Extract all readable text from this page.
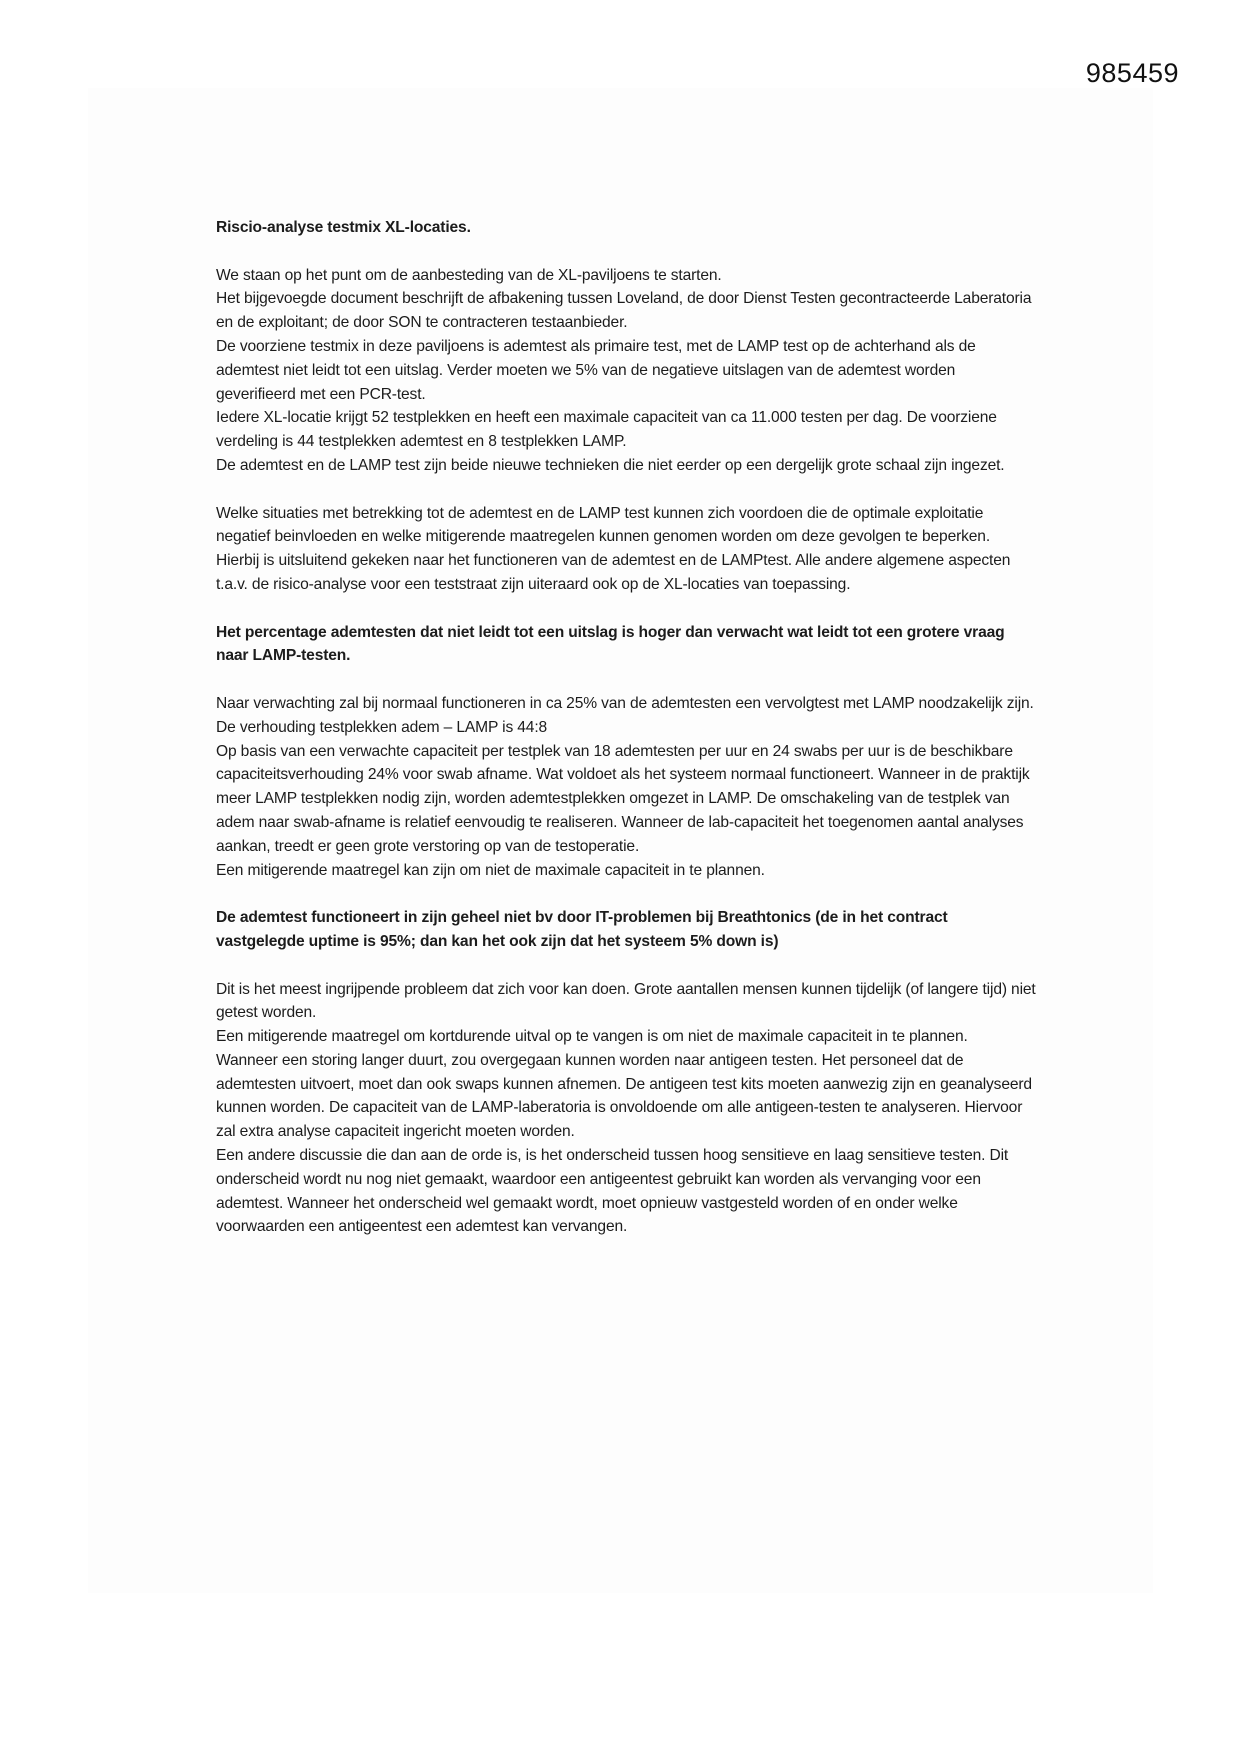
985459
Riscio-analyse testmix XL-locaties.
We staan op het punt om de aanbesteding van de XL-paviljoens te starten.
Het bijgevoegde document beschrijft de afbakening tussen Loveland, de door Dienst Testen gecontracteerde Laberatoria en de exploitant; de door SON te contracteren testaanbieder.
De voorziene testmix in deze paviljoens is ademtest als primaire test, met de LAMP test op de achterhand als de ademtest niet leidt tot een uitslag. Verder moeten we 5% van de negatieve uitslagen van de ademtest worden geverifieerd met een PCR-test.
Iedere XL-locatie krijgt 52 testplekken en heeft een maximale capaciteit van ca 11.000 testen per dag. De voorziene verdeling is 44 testplekken ademtest en 8 testplekken LAMP.
De ademtest en de LAMP test zijn beide nieuwe technieken die niet eerder op een dergelijk grote schaal zijn ingezet.
Welke situaties met betrekking tot de ademtest en de LAMP test kunnen zich voordoen die de optimale exploitatie negatief beinvloeden en welke mitigerende maatregelen kunnen genomen worden om deze gevolgen te beperken. Hierbij is uitsluitend gekeken naar het functioneren van de ademtest en de LAMPtest. Alle andere algemene aspecten t.a.v. de risico-analyse voor een teststraat zijn uiteraard ook op de XL-locaties van toepassing.
Het percentage ademtesten dat niet leidt tot een uitslag is hoger dan verwacht wat leidt tot een grotere vraag naar LAMP-testen.
Naar verwachting zal bij normaal functioneren in ca 25% van de ademtesten een vervolgtest met LAMP noodzakelijk zijn. De verhouding testplekken adem – LAMP is 44:8
Op basis van een verwachte capaciteit per testplek van 18 ademtesten per uur en 24 swabs per uur is de beschikbare capaciteitsverhouding 24% voor swab afname. Wat voldoet als het systeem normaal functioneert. Wanneer in de praktijk meer LAMP testplekken nodig zijn, worden ademtestplekken omgezet in LAMP. De omschakeling van de testplek van adem naar swab-afname is relatief eenvoudig te realiseren. Wanneer de lab-capaciteit het toegenomen aantal analyses aankan, treedt er geen grote verstoring op van de testoperatie.
Een mitigerende maatregel kan zijn om niet de maximale capaciteit in te plannen.
De ademtest functioneert in zijn geheel niet bv door IT-problemen bij Breathtonics (de in het contract vastgelegde uptime is 95%; dan kan het ook zijn dat het systeem 5% down is)
Dit is het meest ingrijpende probleem dat zich voor kan doen. Grote aantallen mensen kunnen tijdelijk (of langere tijd) niet getest worden.
Een mitigerende maatregel om kortdurende uitval op te vangen is om niet de maximale capaciteit in te plannen.
Wanneer een storing langer duurt, zou overgegaan kunnen worden naar antigeen testen. Het personeel dat de ademtesten uitvoert, moet dan ook swaps kunnen afnemen. De antigeen test kits moeten aanwezig zijn en geanalyseerd kunnen worden. De capaciteit van de LAMP-laberatoria is onvoldoende om alle antigeen-testen te analyseren. Hiervoor zal extra analyse capaciteit ingericht moeten worden.
Een andere discussie die dan aan de orde is, is het onderscheid tussen hoog sensitieve en laag sensitieve testen. Dit onderscheid wordt nu nog niet gemaakt, waardoor een antigeentest gebruikt kan worden als vervanging voor een ademtest. Wanneer het onderscheid wel gemaakt wordt, moet opnieuw vastgesteld worden of en onder welke voorwaarden een antigeentest een ademtest kan vervangen.
